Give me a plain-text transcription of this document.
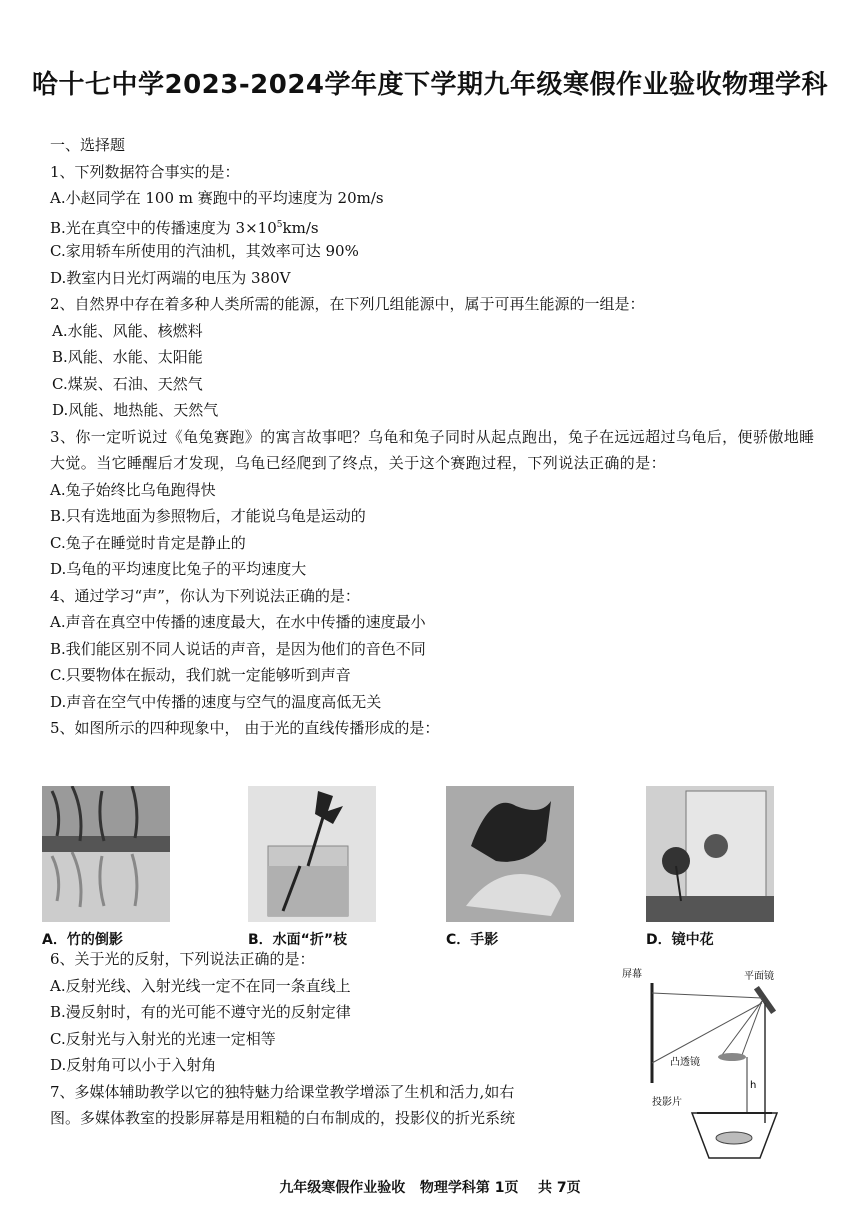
哈十七中学2023-2024学年度下学期九年级寒假作业验收物理学科
一、选择题
1、下列数据符合事实的是：
A.小赵同学在 100 m 赛跑中的平均速度为 20m/s
B.光在真空中的传播速度为 $3\times 10^5km/s$
C.家用轿车所使用的汽油机，其效率可达 90%
D.教室内日光灯两端的电压为 380V
2、自然界中存在着多种人类所需的能源，在下列几组能源中，属于可再生能源的一组是：
A.水能、风能、核燃料
B.风能、水能、太阳能
C.煤炭、石油、天然气
D.风能、地热能、天然气
3、你一定听说过《龟兔赛跑》的寓言故事吧？乌龟和兔子同时从起点跑出，兔子在远远超过乌龟后，便骄傲地睡大觉。当它睡醒后才发现，乌龟已经爬到了终点，关于这个赛跑过程，下列说法正确的是：
A.兔子始终比乌龟跑得快
B.只有选地面为参照物后，才能说乌龟是运动的
C.兔子在睡觉时肯定是静止的
D.乌龟的平均速度比兔子的平均速度大
4、通过学习“声”，你认为下列说法正确的是：
A.声音在真空中传播的速度最大，在水中传播的速度最小
B.我们能区别不同人说话的声音，是因为他们的音色不同
C.只要物体在振动，我们就一定能够听到声音
D.声音在空气中传播的速度与空气的温度高低无关
5、如图所示的四种现象中， 由于光的直线传播形成的是：
A．竹的倒影	B．水面“折”枝	C．手影	D．镜中花
6、关于光的反射，下列说法正确的是：
A.反射光线、入射光线一定不在同一条直线上
B.漫反射时，有的光可能不遵守光的反射定律
C.反射光与入射光的光速一定相等
D.反射角可以小于入射角
7、多媒体辅助教学以它的独特魅力给课堂教学增添了生机和活力,如右
图。多媒体教室的投影屏幕是用粗糙的白布制成的，投影仪的折光系统
屏幕	平面镜
凸透镜
投影片
h
九年级寒假作业验收   物理学科第 1页    共 7页
